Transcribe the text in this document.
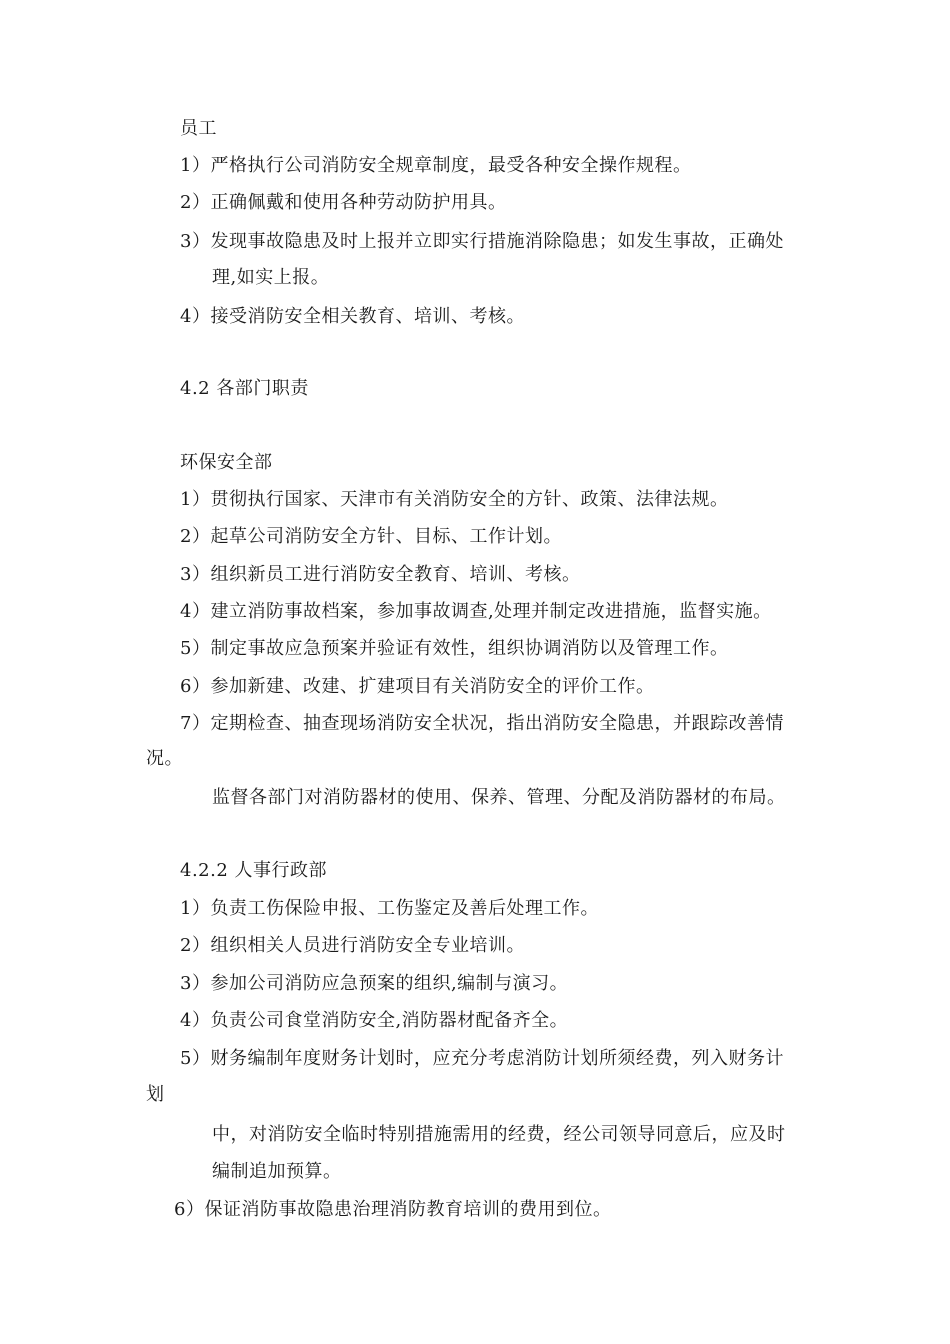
员工
1）严格执行公司消防安全规章制度，最受各种安全操作规程。
2）正确佩戴和使用各种劳动防护用具。
3）发现事故隐患及时上报并立即实行措施消除隐患；如发生事故，正确处
理,如实上报。
4）接受消防安全相关教育、培训、考核。
4.2 各部门职责
环保安全部
1）贯彻执行国家、天津市有关消防安全的方针、政策、法律法规。
2）起草公司消防安全方针、目标、工作计划。
3）组织新员工进行消防安全教育、培训、考核。
4）建立消防事故档案，参加事故调查,处理并制定改进措施，监督实施。
5）制定事故应急预案并验证有效性，组织协调消防以及管理工作。
6）参加新建、改建、扩建项目有关消防安全的评价工作。
7）定期检查、抽查现场消防安全状况，指出消防安全隐患，并跟踪改善情
况。
监督各部门对消防器材的使用、保养、管理、分配及消防器材的布局。
4.2.2 人事行政部
1）负责工伤保险申报、工伤鉴定及善后处理工作。
2）组织相关人员进行消防安全专业培训。
3）参加公司消防应急预案的组织,编制与演习。
4）负责公司食堂消防安全,消防器材配备齐全。
5）财务编制年度财务计划时，应充分考虑消防计划所须经费，列入财务计
划
中，对消防安全临时特别措施需用的经费，经公司领导同意后，应及时
编制追加预算。
6）保证消防事故隐患治理消防教育培训的费用到位。
